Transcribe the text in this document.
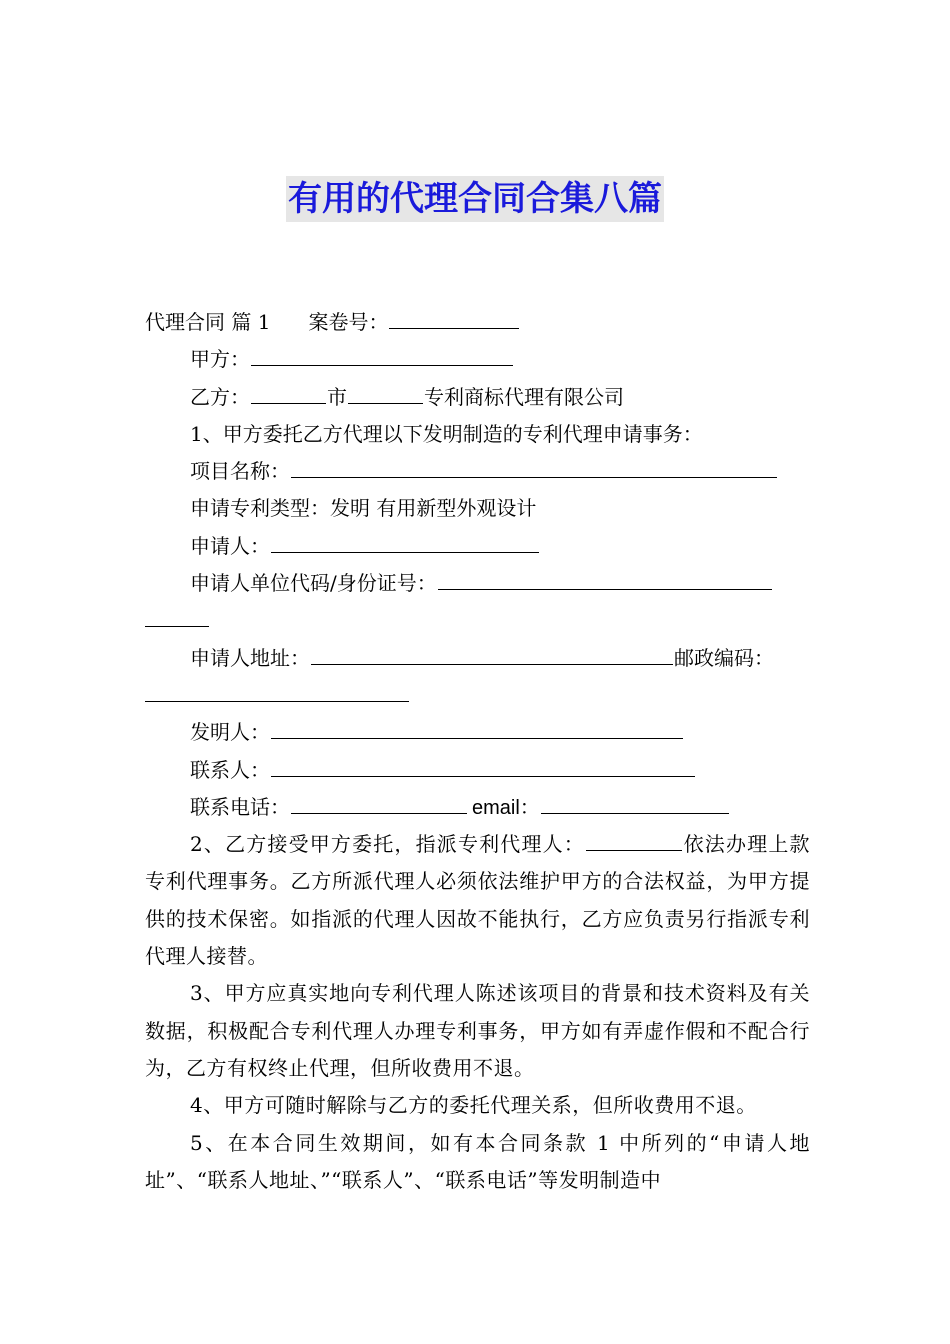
有用的代理合同合集八篇
代理合同 篇 1 案卷号：
甲方：
乙方：	市	专利商标代理有限公司
1、甲方委托乙方代理以下发明制造的专利代理申请事务：
项目名称：
申请专利类型：发明 有用新型外观设计
申请人：
申请人单位代码/身份证号：
申请人地址：	邮政编码：
发明人：
联系人：
联系电话：	email：
2、乙方接受甲方委托，指派专利代理人：	依法办理上款专利代理事务。乙方所派代理人必须依法维护甲方的合法权益，为甲方提供的技术保密。如指派的代理人因故不能执行，乙方应负责另行指派专利代理人接替。
3、甲方应真实地向专利代理人陈述该项目的背景和技术资料及有关数据，积极配合专利代理人办理专利事务，甲方如有弄虚作假和不配合行为，乙方有权终止代理，但所收费用不退。
4、甲方可随时解除与乙方的委托代理关系，但所收费用不退。
5、在本合同生效期间，如有本合同条款 1 中所列的“申请人地址”、“联系人地址、”“联系人”、“联系电话”等发明制造中
